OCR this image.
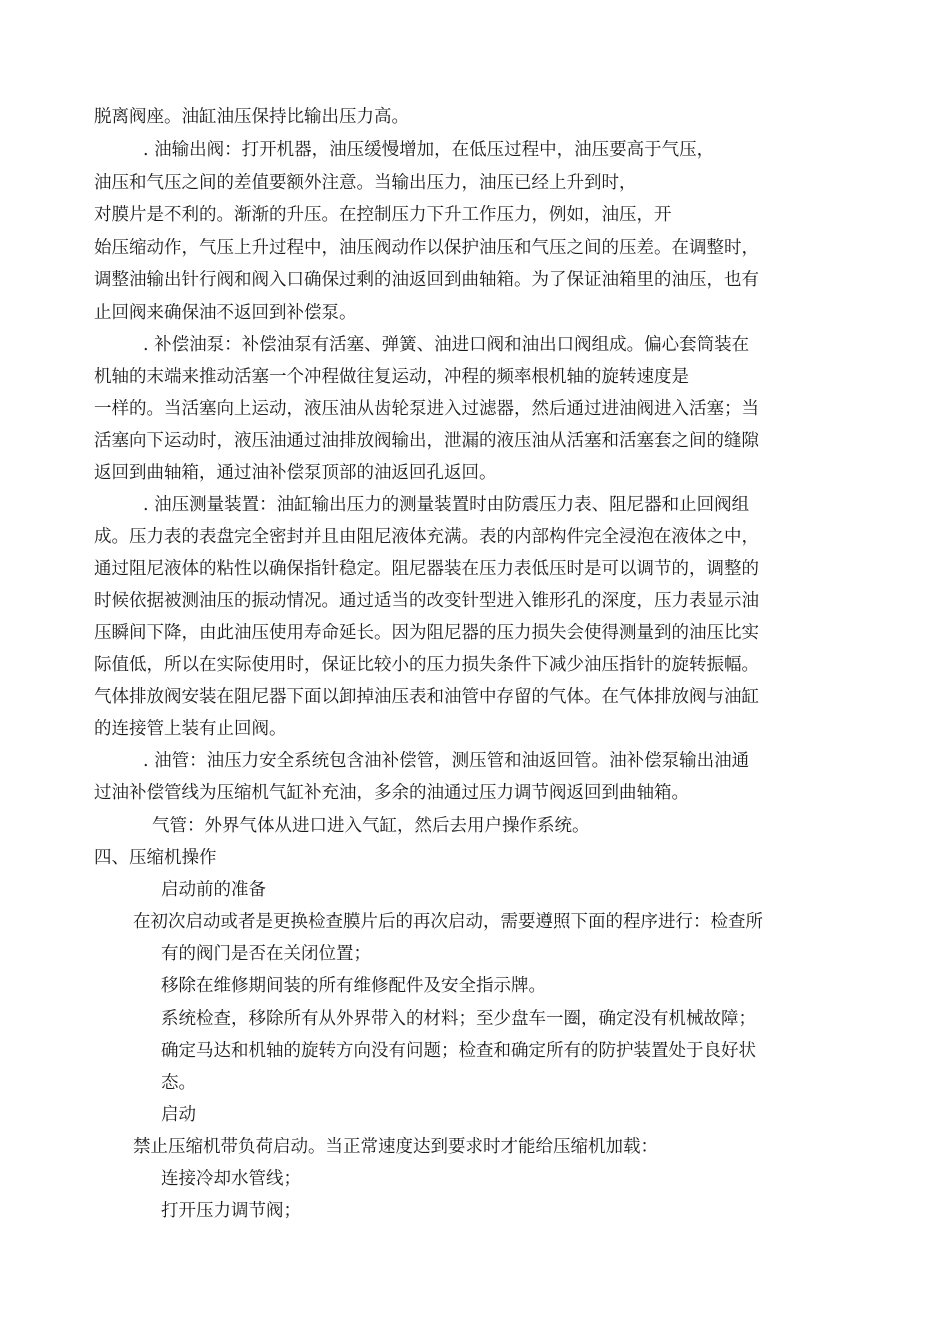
脱离阀座。油缸油压保持比输出压力高。
. 油输出阀：打开机器，油压缓慢增加，在低压过程中，油压要高于气压，
油压和气压之间的差值要额外注意。当输出压力，油压已经上升到时，
对膜片是不利的。渐渐的升压。在控制压力下升工作压力，例如，油压，开
始压缩动作，气压上升过程中，油压阀动作以保护油压和气压之间的压差。在调整时，
调整油输出针行阀和阀入口确保过剩的油返回到曲轴箱。为了保证油箱里的油压，也有
止回阀来确保油不返回到补偿泵。
. 补偿油泵：补偿油泵有活塞、弹簧、油进口阀和油出口阀组成。偏心套筒装在
机轴的末端来推动活塞一个冲程做往复运动，冲程的频率根机轴的旋转速度是
一样的。当活塞向上运动，液压油从齿轮泵进入过滤器，然后通过进油阀进入活塞；当
活塞向下运动时，液压油通过油排放阀输出，泄漏的液压油从活塞和活塞套之间的缝隙
返回到曲轴箱，通过油补偿泵顶部的油返回孔返回。
. 油压测量装置：油缸输出压力的测量装置时由防震压力表、阻尼器和止回阀组
成。压力表的表盘完全密封并且由阻尼液体充满。表的内部构件完全浸泡在液体之中，
通过阻尼液体的粘性以确保指针稳定。阻尼器装在压力表低压时是可以调节的，调整的
时候依据被测油压的振动情况。通过适当的改变针型进入锥形孔的深度，压力表显示油
压瞬间下降，由此油压使用寿命延长。因为阻尼器的压力损失会使得测量到的油压比实
际值低，所以在实际使用时，保证比较小的压力损失条件下减少油压指针的旋转振幅。
气体排放阀安装在阻尼器下面以卸掉油压表和油管中存留的气体。在气体排放阀与油缸
的连接管上装有止回阀。
. 油管：油压力安全系统包含油补偿管，测压管和油返回管。油补偿泵输出油通
过油补偿管线为压缩机气缸补充油，多余的油通过压力调节阀返回到曲轴箱。
气管：外界气体从进口进入气缸，然后去用户操作系统。
四、压缩机操作
启动前的准备
在初次启动或者是更换检查膜片后的再次启动，需要遵照下面的程序进行：检查所
有的阀门是否在关闭位置；
移除在维修期间装的所有维修配件及安全指示牌。
系统检查，移除所有从外界带入的材料；至少盘车一圈，确定没有机械故障；
确定马达和机轴的旋转方向没有问题；检查和确定所有的防护装置处于良好状
态。
启动
禁止压缩机带负荷启动。当正常速度达到要求时才能给压缩机加载：
连接冷却水管线；
打开压力调节阀；
